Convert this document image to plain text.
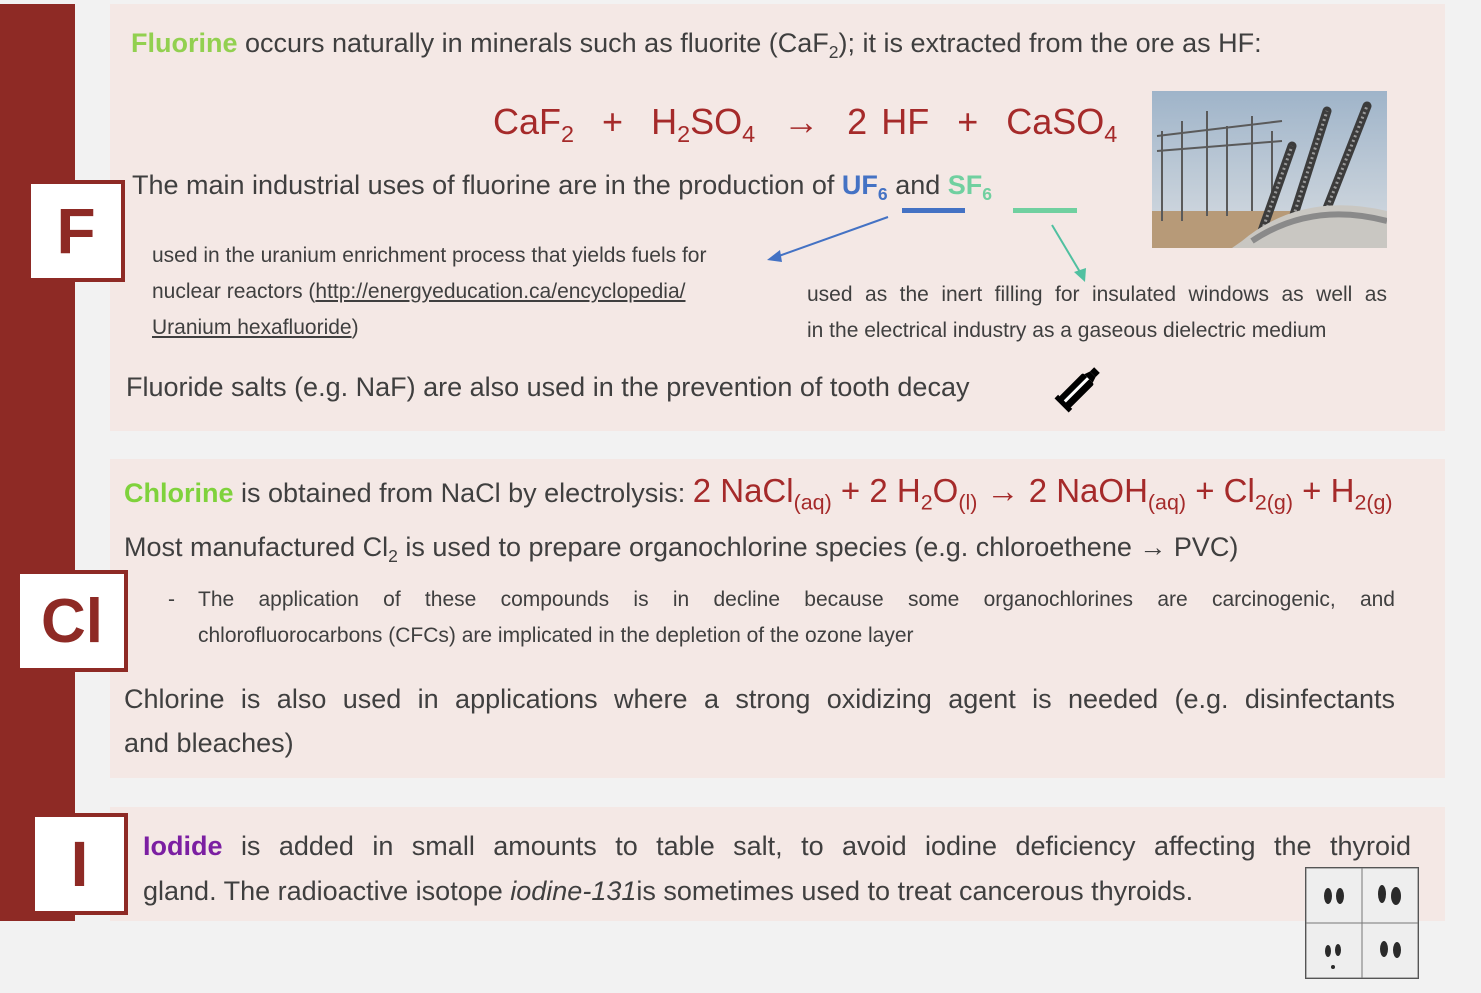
F
Fluorine occurs naturally in minerals such as fluorite (CaF$_2$); it is extracted from the ore as HF:
$CaF_2 + H_2SO_4 \to 2$ HF + CaSO$_4$
The main industrial uses of fluorine are in the production of $UF_6$ and $SF_6$
used in the uranium enrichment process that yields fuels for
nuclear reactors (http://energyeducation.ca/encyclopedia/
Uranium hexafluoride)
used as the inert filling for insulated windows as well as
in the electrical industry as a gaseous dielectric medium
Fluoride salts (e.g. NaF) are also used in the prevention of tooth decay
Cl
Chlorine is obtained from NaCl by electrolysis: 2 NaCl$_{(aq)}$ + 2 $H_2O_{(l)} \to 2$ NaOH$_{(aq)}$ + $Cl_{2(g)} + H_{2(g)}$
Most manufactured $Cl_2$ is used to prepare organochlorine species (e.g. chloroethene → PVC)
- The application of these compounds is in decline because some organochlorines are carcinogenic, and
chlorofluorocarbons (CFCs) are implicated in the depletion of the ozone layer
Chlorine is also used in applications where a strong oxidizing agent is needed (e.g. disinfectants
and bleaches)
I Iodide is added in small amounts to table salt, to avoid iodine deficiency affecting the thyroid
gland. The radioactive isotope iodine-131is sometimes used to treat cancerous thyroids.
